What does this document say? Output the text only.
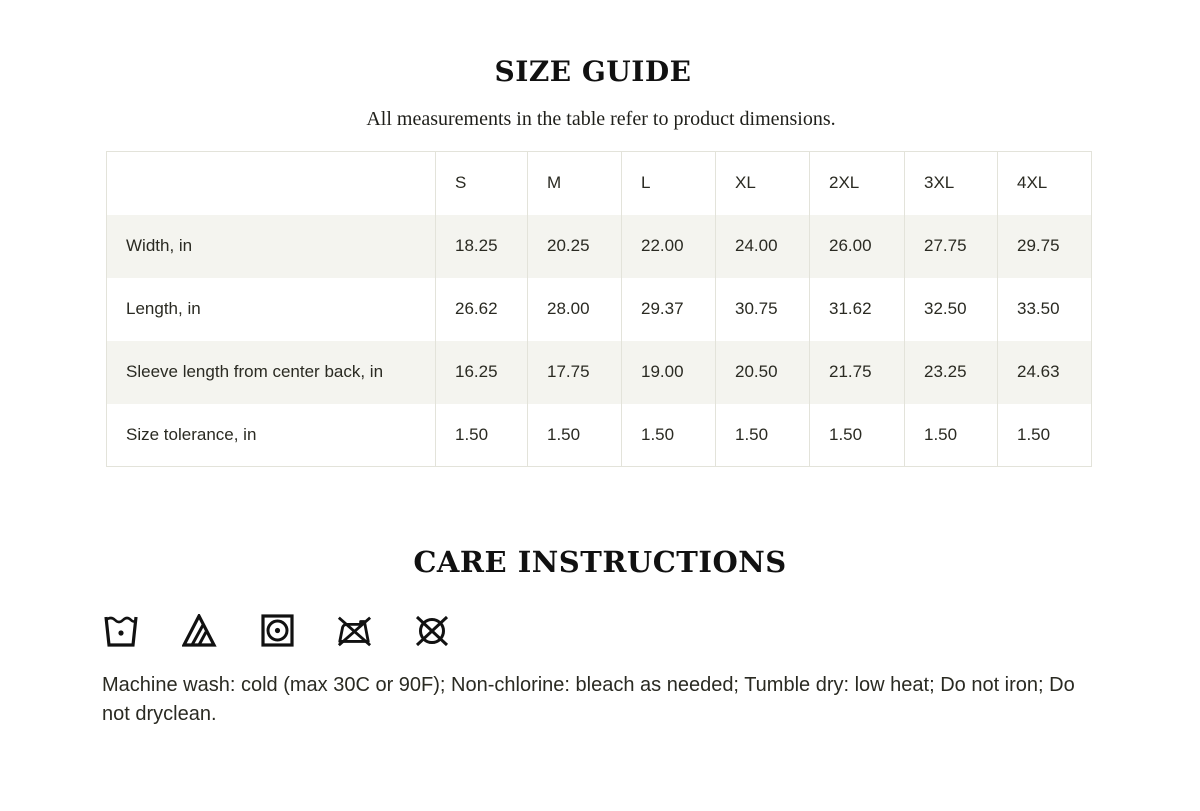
SIZE GUIDE

All measurements in the table refer to product dimensions.

	S	M	L	XL	2XL	3XL	4XL
Width, in	18.25	20.25	22.00	24.00	26.00	27.75	29.75
Length, in	26.62	28.00	29.37	30.75	31.62	32.50	33.50
Sleeve length from center back, in	16.25	17.75	19.00	20.50	21.75	23.25	24.63
Size tolerance, in	1.50	1.50	1.50	1.50	1.50	1.50	1.50
CARE INSTRUCTIONS

Machine wash: cold (max 30C or 90F); Non-chlorine: bleach as needed; Tumble dry: low heat; Do not iron; Do not dryclean.
